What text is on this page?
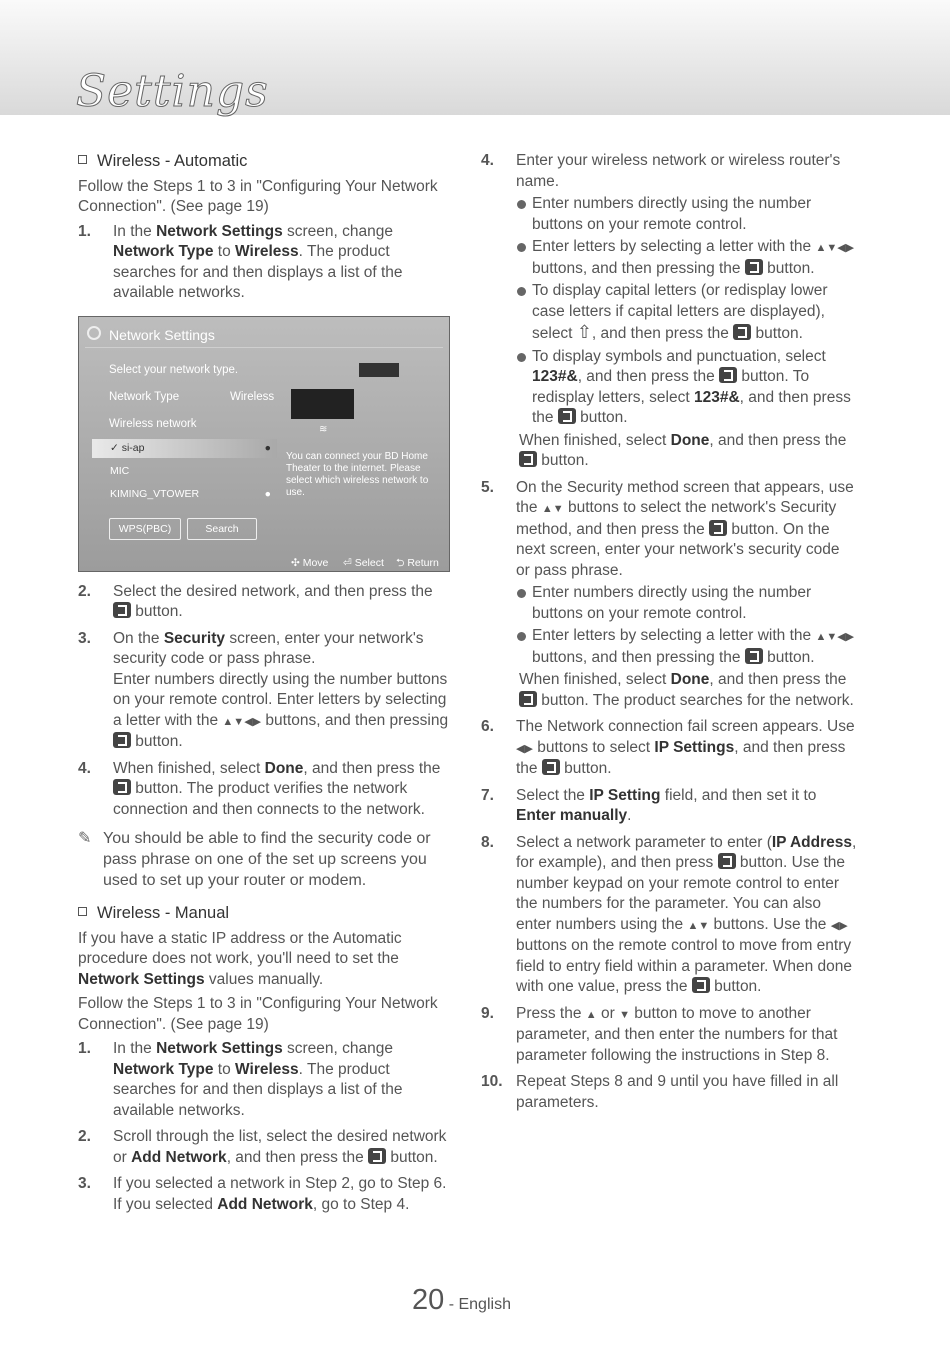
Settings
Wireless - Automatic

Follow the Steps 1 to 3 in "Configuring Your Network Connection". (See page 19)

1. In the Network Settings screen, change Network Type to Wireless. The product searches for and then displays a list of the available networks.
Network Settings
Select your network type.
Network Type	Wireless
Wireless network
✓ si-ap	●
MIC
KIMING_VTOWER	●
WPS(PBC)	Search
≋
You can connect your BD Home Theater to the internet. Please select which wireless network to use.
✣ Move ⏎ Select ⮌ Return
2. Select the desired network, and then press the  button.
3. On the Security screen, enter your network's security code or pass phrase.
Enter numbers directly using the number buttons on your remote control. Enter letters by selecting a letter with the ▲▼◀▶ buttons, and then pressing  button.
4. When finished, select Done, and then press the  button. The product verifies the network connection and then connects to the network.
✎ You should be able to find the security code or pass phrase on one of the set up screens you used to set up your router or modem.
Wireless - Manual

If you have a static IP address or the Automatic procedure does not work, you'll need to set the Network Settings values manually.

Follow the Steps 1 to 3 in "Configuring Your Network Connection". (See page 19)

1. In the Network Settings screen, change Network Type to Wireless. The product searches for and then displays a list of the available networks.
2. Scroll through the list, select the desired network or Add Network, and then press the  button.
3. If you selected a network in Step 2, go to Step 6.
If you selected Add Network, go to Step 4.
4. Enter your wireless network or wireless router's name.
Enter numbers directly using the number buttons on your remote control.
Enter letters by selecting a letter with the ▲▼◀▶ buttons, and then pressing the  button.
To display capital letters (or redisplay lower case letters if capital letters are displayed), select ⇧, and then press the  button.
To display symbols and punctuation, select 123#&, and then press the  button. To redisplay letters, select 123#&, and then press the  button.
When finished, select Done, and then press the  button.
5. On the Security method screen that appears, use the ▲▼ buttons to select the network's Security method, and then press the  button. On the next screen, enter your network's security code or pass phrase.
Enter numbers directly using the number buttons on your remote control.
Enter letters by selecting a letter with the ▲▼◀▶ buttons, and then pressing the  button.
When finished, select Done, and then press the  button. The product searches for the network.
6. The Network connection fail screen appears. Use ◀▶ buttons to select IP Settings, and then press the  button.
7. Select the IP Setting field, and then set it to Enter manually.
8. Select a network parameter to enter (IP Address, for example), and then press  button. Use the number keypad on your remote control to enter the numbers for the parameter. You can also enter numbers using the ▲▼ buttons. Use the ◀▶ buttons on the remote control to move from entry field to entry field within a parameter. When done with one value, press the  button.
9. Press the ▲ or ▼ button to move to another parameter, and then enter the numbers for that parameter following the instructions in Step 8.
10. Repeat Steps 8 and 9 until you have filled in all parameters.
20 - English
